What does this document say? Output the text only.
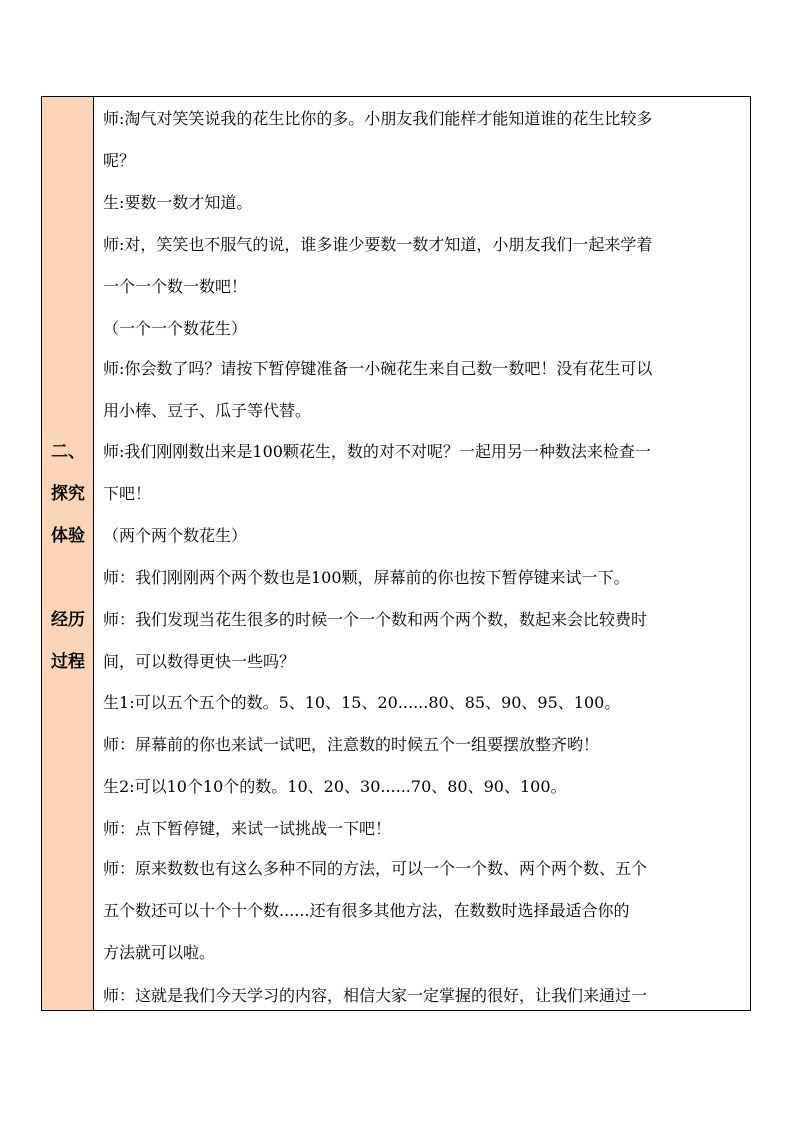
二、
探究
体验
经历
过程
师:淘气对笑笑说我的花生比你的多。小朋友我们能样才能知道谁的花生比较多
呢？
生:要数一数才知道。
师:对，笑笑也不服气的说，谁多谁少要数一数才知道，小朋友我们一起来学着
一个一个数一数吧！
（一个一个数花生）
师:你会数了吗？请按下暂停键准备一小碗花生来自己数一数吧！没有花生可以
用小棒、豆子、瓜子等代替。
师:我们刚刚数出来是100颗花生，数的对不对呢？一起用另一种数法来检查一
下吧！
（两个两个数花生）
师：我们刚刚两个两个数也是100颗，屏幕前的你也按下暂停键来试一下。
师：我们发现当花生很多的时候一个一个数和两个两个数，数起来会比较费时
间，可以数得更快一些吗？
生1:可以五个五个的数。5、10、15、20......80、85、90、95、100。
师：屏幕前的你也来试一试吧，注意数的时候五个一组要摆放整齐哟！
生2:可以10个10个的数。10、20、30......70、80、90、100。
师：点下暂停键，来试一试挑战一下吧！
师：原来数数也有这么多种不同的方法，可以一个一个数、两个两个数、五个
五个数还可以十个十个数......还有很多其他方法，在数数时选择最适合你的
方法就可以啦。
师：这就是我们今天学习的内容，相信大家一定掌握的很好，让我们来通过一
